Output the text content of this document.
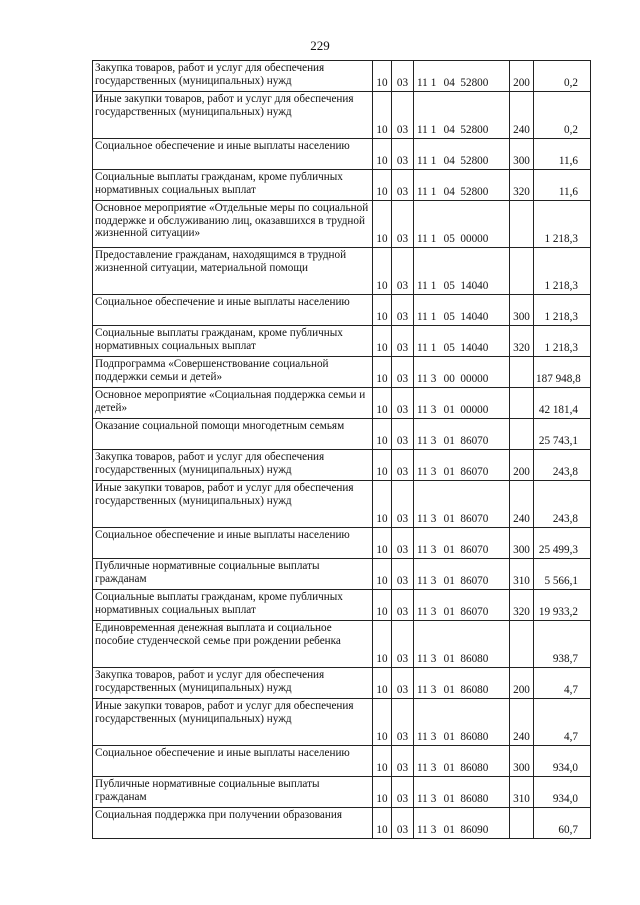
229
Закупка товаров, работ и услуг для обеспечения государственных (муниципальных) нужд	10	03	11 1 04 52800	200	0,2
Иные закупки товаров, работ и услуг для обеспечения государственных (муниципальных) нужд	10	03	11 1 04 52800	240	0,2
Социальное обеспечение и иные выплаты населению	10	03	11 1 04 52800	300	11,6
Социальные выплаты гражданам, кроме публичных нормативных социальных выплат	10	03	11 1 04 52800	320	11,6
Основное мероприятие «Отдельные меры по социальной поддержке и обслуживанию лиц, оказавшихся в трудной жизненной ситуации»	10	03	11 1 05 00000		1 218,3
Предоставление гражданам, находящимся в трудной жизненной ситуации, материальной помощи	10	03	11 1 05 14040		1 218,3
Социальное обеспечение и иные выплаты населению	10	03	11 1 05 14040	300	1 218,3
Социальные выплаты гражданам, кроме публичных нормативных социальных выплат	10	03	11 1 05 14040	320	1 218,3
Подпрограмма «Совершенствование социальной поддержки семьи и детей»	10	03	11 3 00 00000		187 948,8
Основное мероприятие «Социальная поддержка семьи и детей»	10	03	11 3 01 00000		42 181,4
Оказание социальной помощи многодетным семьям	10	03	11 3 01 86070		25 743,1
Закупка товаров, работ и услуг для обеспечения государственных (муниципальных) нужд	10	03	11 3 01 86070	200	243,8
Иные закупки товаров, работ и услуг для обеспечения государственных (муниципальных) нужд	10	03	11 3 01 86070	240	243,8
Социальное обеспечение и иные выплаты населению	10	03	11 3 01 86070	300	25 499,3
Публичные нормативные социальные выплаты гражданам	10	03	11 3 01 86070	310	5 566,1
Социальные выплаты гражданам, кроме публичных нормативных социальных выплат	10	03	11 3 01 86070	320	19 933,2
Единовременная денежная выплата и социальное пособие студенческой семье при рождении ребенка	10	03	11 3 01 86080		938,7
Закупка товаров, работ и услуг для обеспечения государственных (муниципальных) нужд	10	03	11 3 01 86080	200	4,7
Иные закупки товаров, работ и услуг для обеспечения государственных (муниципальных) нужд	10	03	11 3 01 86080	240	4,7
Социальное обеспечение и иные выплаты населению	10	03	11 3 01 86080	300	934,0
Публичные нормативные социальные выплаты гражданам	10	03	11 3 01 86080	310	934,0
Социальная поддержка при получении образования	10	03	11 3 01 86090		60,7
